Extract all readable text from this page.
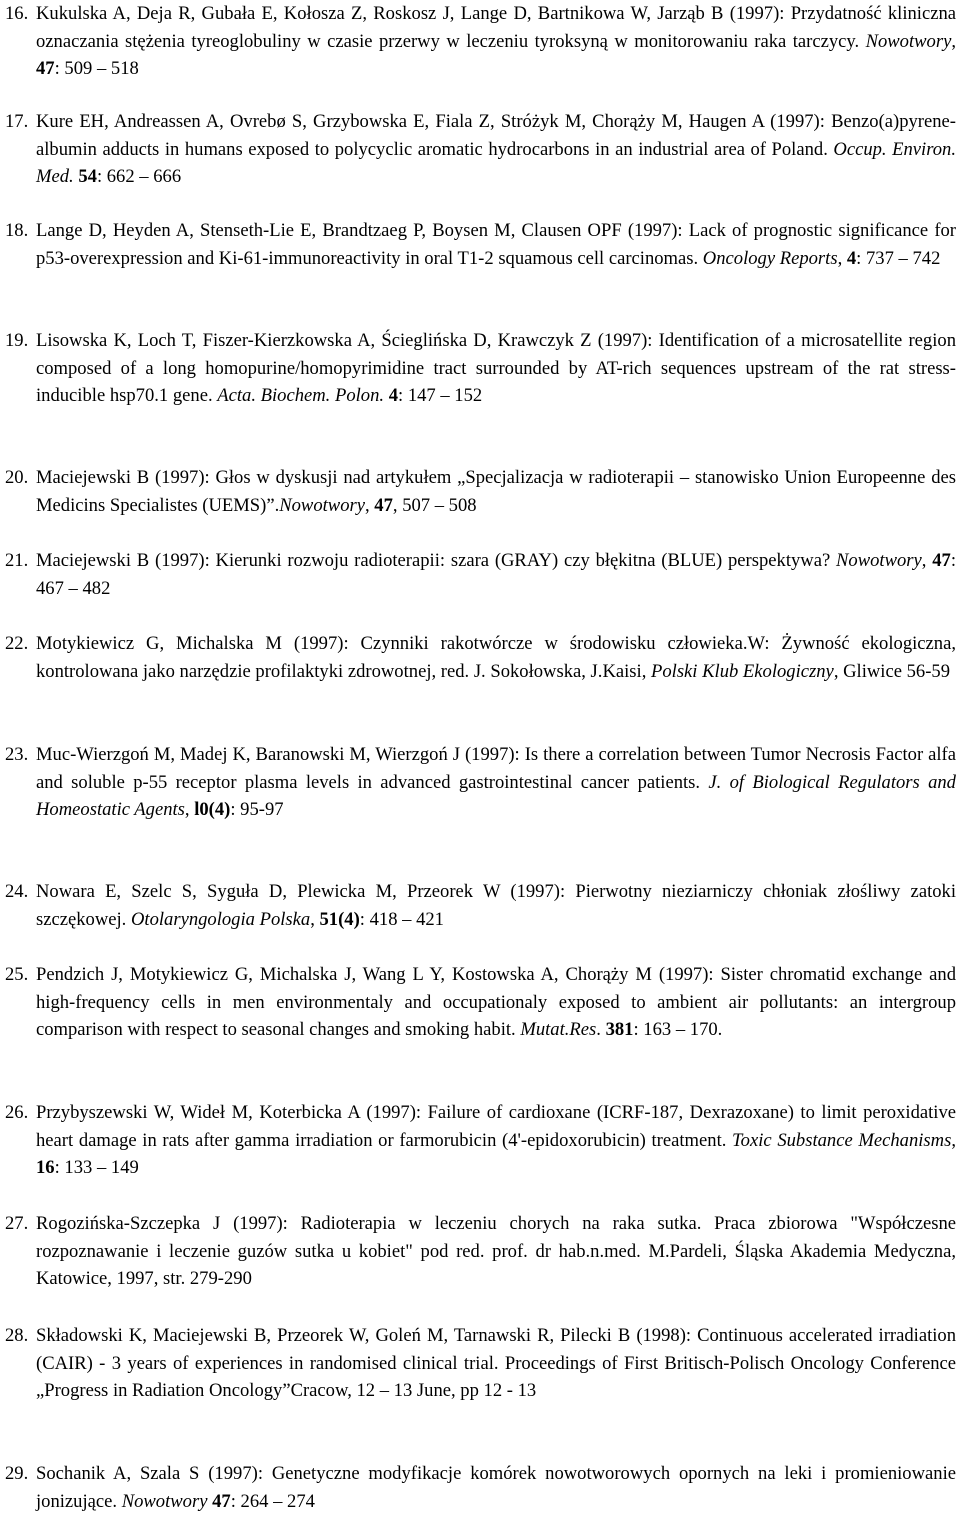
16. Kukulska A, Deja R, Gubała E, Kołosza Z, Roskosz J, Lange D, Bartnikowa W, Jarząb B (1997): Przydatność kliniczna oznaczania stężenia tyreoglobuliny w czasie przerwy w leczeniu tyroksyną w monitorowaniu raka tarczycy. Nowotwory, 47: 509 – 518
17. Kure EH, Andreassen A, Ovrebø S, Grzybowska E, Fiala Z, Stróżyk M, Chorąży M, Haugen A (1997): Benzo(a)pyrene-albumin adducts in humans exposed to polycyclic aromatic hydrocarbons in an industrial area of Poland. Occup. Environ. Med. 54: 662 – 666
18. Lange D, Heyden A, Stenseth-Lie E, Brandtzaeg P, Boysen M, Clausen OPF (1997): Lack of prognostic significance for p53-overexpression and Ki-61-immunoreactivity in oral T1-2 squamous cell carcinomas. Oncology Reports, 4: 737 – 742
19. Lisowska K, Loch T, Fiszer-Kierzkowska A, Ścieglińska D, Krawczyk Z (1997): Identification of a microsatellite region composed of a long homopurine/homopyrimidine tract surrounded by AT-rich sequences upstream of the rat stress-inducible hsp70.1 gene. Acta. Biochem. Polon. 4: 147 – 152
20. Maciejewski B (1997): Głos w dyskusji nad artykułem „Specjalizacja w radioterapii – stanowisko Union Europeenne des Medicins Specialistes (UEMS)”.Nowotwory, 47, 507 – 508
21. Maciejewski B (1997): Kierunki rozwoju radioterapii: szara (GRAY) czy błękitna (BLUE) perspektywa? Nowotwory, 47: 467 – 482
22. Motykiewicz G, Michalska M (1997): Czynniki rakotwórcze w środowisku człowieka.W: Żywność ekologiczna, kontrolowana jako narzędzie profilaktyki zdrowotnej, red. J. Sokołowska, J.Kaisi, Polski Klub Ekologiczny, Gliwice 56-59
23. Muc-Wierzgoń M, Madej K, Baranowski M, Wierzgoń J (1997): Is there a correlation between Tumor Necrosis Factor alfa and soluble p-55 receptor plasma levels in advanced gastrointestinal cancer patients. J. of Biological Regulators and Homeostatic Agents, l0(4): 95-97
24. Nowara E, Szelc S, Syguła D, Plewicka M, Przeorek W (1997): Pierwotny nieziarniczy chłoniak złośliwy zatoki szczękowej. Otolaryngologia Polska, 51(4): 418 – 421
25. Pendzich J, Motykiewicz G, Michalska J, Wang L Y, Kostowska A, Chorąży M (1997): Sister chromatid exchange and high-frequency cells in men environmentaly and occupationaly exposed to ambient air pollutants: an intergroup comparison with respect to seasonal changes and smoking habit. Mutat.Res. 381: 163 – 170.
26. Przybyszewski W, Wideł M, Koterbicka A (1997): Failure of cardioxane (ICRF-187, Dexrazoxane) to limit peroxidative heart damage in rats after gamma irradiation or farmorubicin (4'-epidoxorubicin) treatment. Toxic Substance Mechanisms, 16: 133 – 149
27. Rogozińska-Szczepka J (1997): Radioterapia w leczeniu chorych na raka sutka. Praca zbiorowa "Współczesne rozpoznawanie i leczenie guzów sutka u kobiet" pod red. prof. dr hab.n.med. M.Pardeli, Śląska Akademia Medyczna, Katowice, 1997, str. 279-290
28. Składowski K, Maciejewski B, Przeorek W, Goleń M, Tarnawski R, Pilecki B (1998): Continuous accelerated irradiation (CAIR) - 3 years of experiences in randomised clinical trial. Proceedings of First Britisch-Polisch Oncology Conference „Progress in Radiation Oncology”Cracow, 12 – 13 June, pp 12 - 13
29. Sochanik A, Szala S (1997): Genetyczne modyfikacje komórek nowotworowych opornych na leki i promieniowanie jonizujące. Nowotwory 47: 264 – 274
